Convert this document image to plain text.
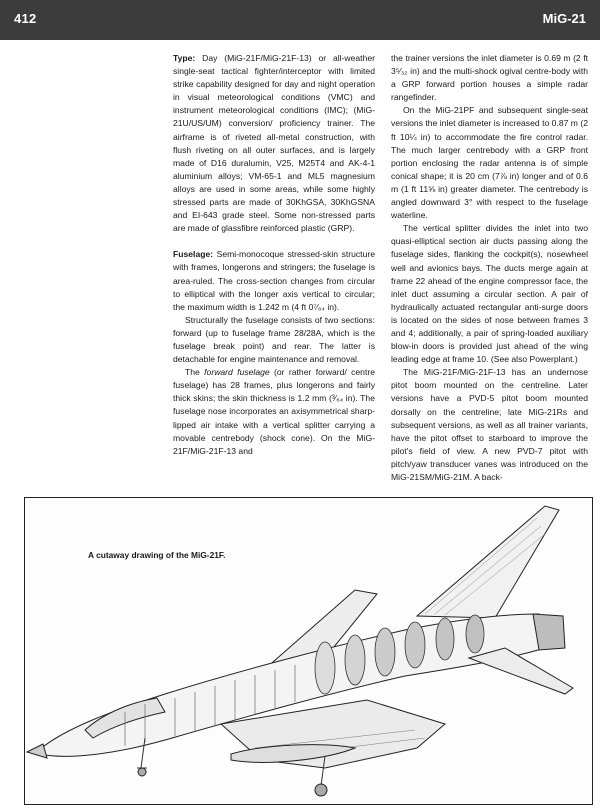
412	MiG-21

Type: Day (MiG-21F/MiG-21F-13) or all-weather single-seat tactical fighter/interceptor with limited strike capability designed for day and night operation in visual meteorological conditions (VMC) and instrument meteorological conditions (IMC); (MiG-21U/US/UM) conversion/ proficiency trainer. The airframe is of riveted all-metal construction, with flush riveting on all outer surfaces, and is largely made of D16 duralumin, V25, M25T4 and AK-4-1 aluminium alloys; VM-65-1 and ML5 magnesium alloys are used in some areas, while some highly stressed parts are made of 30KhGSA, 30KhGSNA and EI-643 grade steel. Some non-stressed parts are made of glassfibre reinforced plastic (GRP).

Fuselage: Semi-monocoque stressed-skin structure with frames, longerons and stringers; the fuselage is area-ruled. The cross-section changes from circular to elliptical with the longer axis vertical to circular; the maximum width is 1.242 m (4 ft 0⁷⁄₆₄ in).

Structurally the fuselage consists of two sections: forward (up to fuselage frame 28/28A, which is the fuselage break point) and rear. The latter is detachable for engine maintenance and removal.

The forward fuselage (or rather forward/ centre fuselage) has 28 frames, plus longerons and fairly thick skins; the skin thickness is 1.2 mm (³⁄₆₄ in). The fuselage nose incorporates an axisymmetrical sharp-lipped air intake with a vertical splitter carrying a movable centrebody (shock cone). On the MiG-21F/MiG-21F-13 and

the trainer versions the inlet diameter is 0.69 m (2 ft 3⁵⁄₃₂ in) and the multi-shock ogival centre-body with a GRP forward portion houses a simple radar rangefinder.

On the MiG-21PF and subsequent single-seat versions the inlet diameter is increased to 0.87 m (2 ft 10¼ in) to accommodate the fire control radar. The much larger centrebody with a GRP front portion enclosing the radar antenna is of simple conical shape; it is 20 cm (7⅞ in) longer and of 0.6 m (1 ft 11⅝ in) greater diameter. The centrebody is angled downward 3° with respect to the fuselage waterline.

The vertical splitter divides the inlet into two quasi-elliptical section air ducts passing along the fuselage sides, flanking the cockpit(s), nosewheel well and avionics bays. The ducts merge again at frame 22 ahead of the engine compressor face, the inlet duct assuming a circular section. A pair of hydraulically actuated rectangular anti-surge doors is located on the sides of nose between frames 3 and 4; additionally, a pair of spring-loaded auxiliary blow-in doors is provided just ahead of the wing leading edge at frame 10. (See also Powerplant.)

The MiG-21F/MiG-21F-13 has an undernose pitot boom mounted on the centreline. Later versions have a PVD-5 pitot boom mounted dorsally on the centreline; late MiG-21Rs and subsequent versions, as well as all trainer variants, have the pitot offset to starboard to improve the pilot's field of view. A new PVD-7 pitot with pitch/yaw transducer vanes was introduced on the MiG-21SM/MiG-21M. A back-

A cutaway drawing of the MiG-21F.
